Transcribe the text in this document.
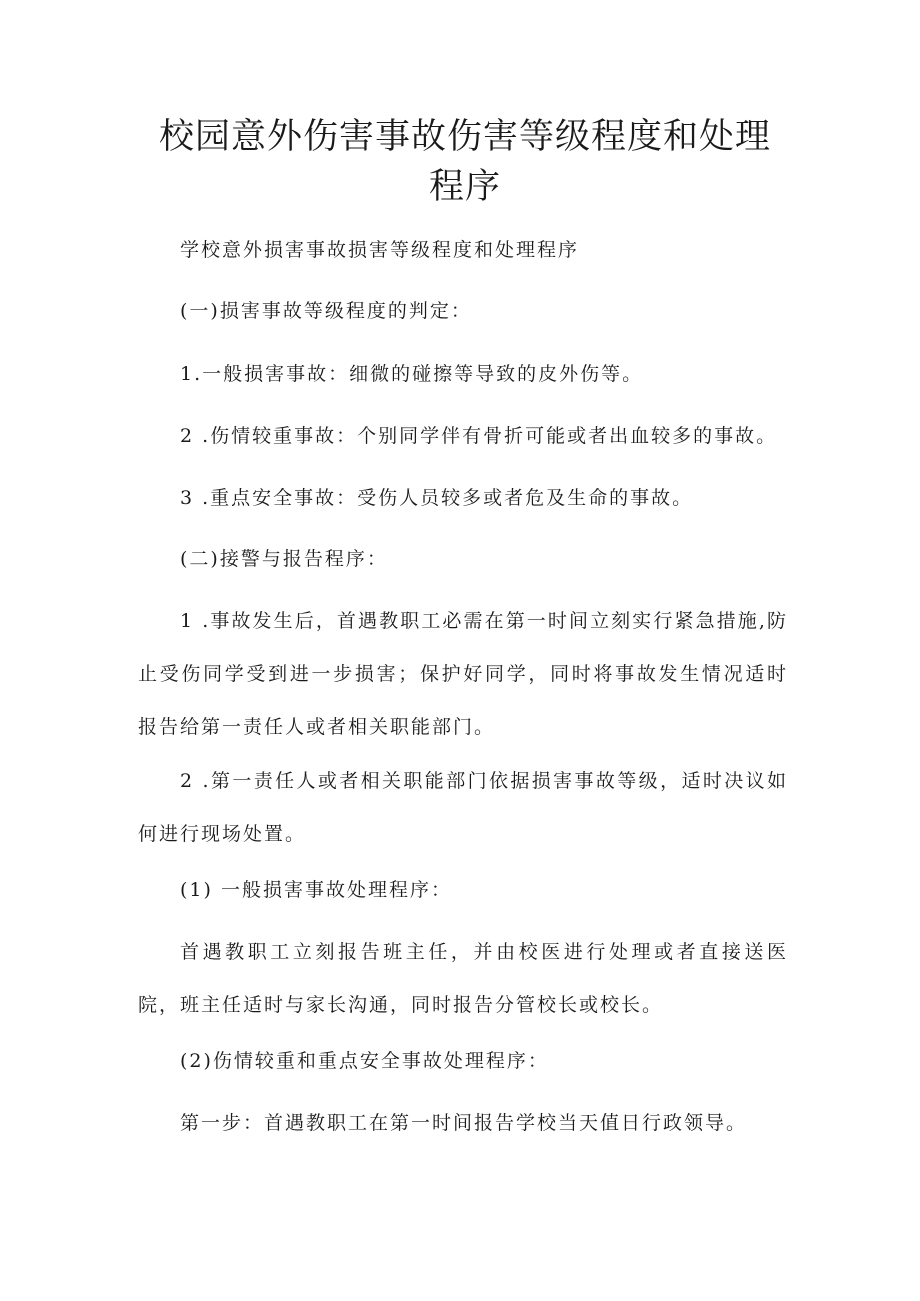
校园意外伤害事故伤害等级程度和处理程序

学校意外损害事故损害等级程度和处理程序

(一)损害事故等级程度的判定：

1.一般损害事故：细微的碰擦等导致的皮外伤等。

2 .伤情较重事故：个别同学伴有骨折可能或者出血较多的事故。

3 .重点安全事故：受伤人员较多或者危及生命的事故。

(二)接警与报告程序：

1 .事故发生后，首遇教职工必需在第一时间立刻实行紧急措施,防止受伤同学受到进一步损害；保护好同学，同时将事故发生情况适时报告给第一责任人或者相关职能部门。

2 .第一责任人或者相关职能部门依据损害事故等级，适时决议如何进行现场处置。

(1) 一般损害事故处理程序：

首遇教职工立刻报告班主任，并由校医进行处理或者直接送医院，班主任适时与家长沟通，同时报告分管校长或校长。

(2)伤情较重和重点安全事故处理程序：

第一步：首遇教职工在第一时间报告学校当天值日行政领导。
